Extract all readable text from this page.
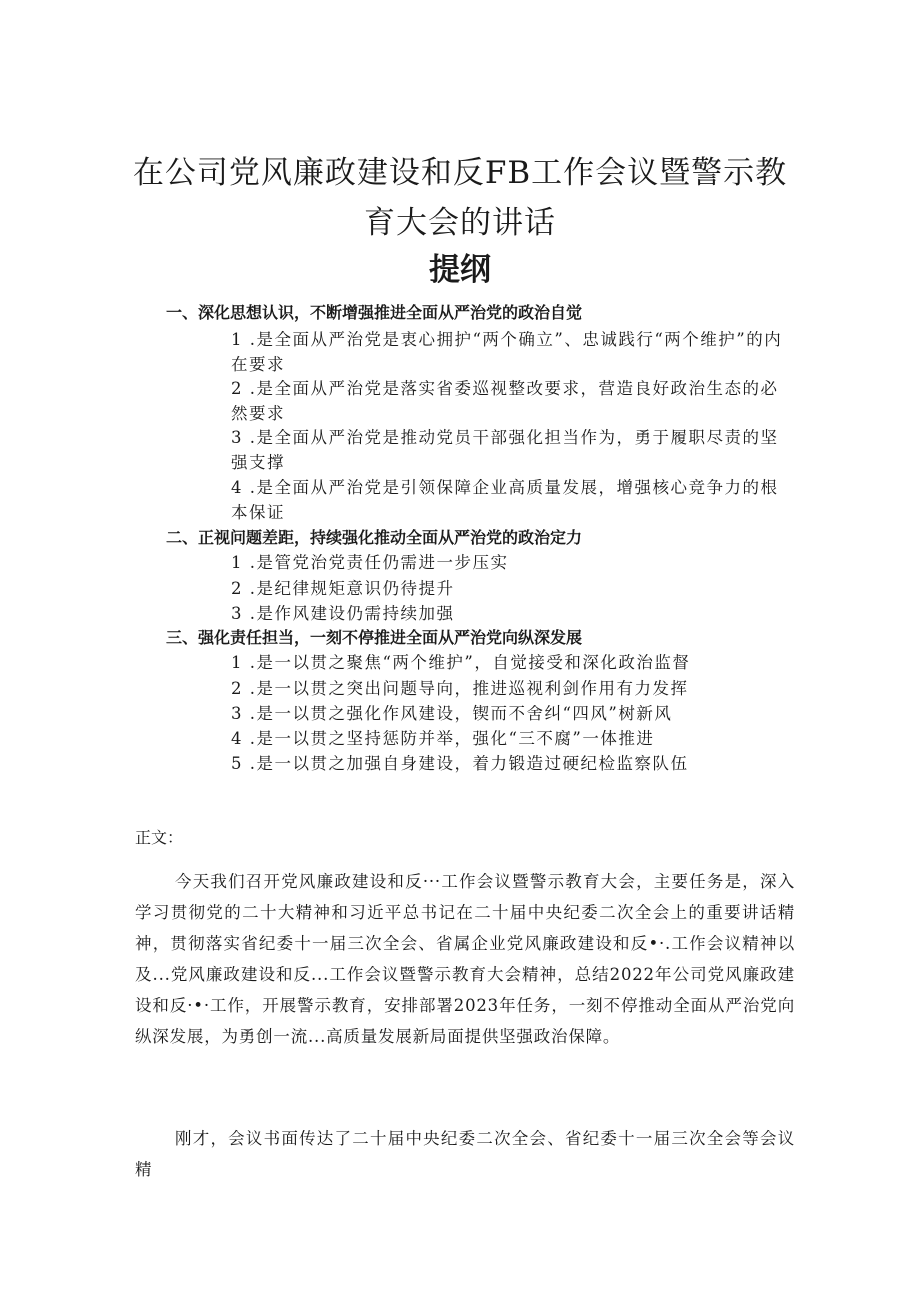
在公司党风廉政建设和反FB工作会议暨警示教
育大会的讲话
提纲
一、深化思想认识，不断增强推进全面从严治党的政治自觉
1 .是全面从严治党是衷心拥护“两个确立”、忠诚践行“两个维护”的内在要求
2 .是全面从严治党是落实省委巡视整改要求，营造良好政治生态的必然要求
3 .是全面从严治党是推动党员干部强化担当作为，勇于履职尽责的坚强支撑
4 .是全面从严治党是引领保障企业高质量发展，增强核心竞争力的根本保证
二、正视问题差距，持续强化推动全面从严治党的政治定力
1 .是管党治党责任仍需进一步压实
2 .是纪律规矩意识仍待提升
3 .是作风建设仍需持续加强
三、强化责任担当，一刻不停推进全面从严治党向纵深发展
1 .是一以贯之聚焦“两个维护”，自觉接受和深化政治监督
2 .是一以贯之突出问题导向，推进巡视利剑作用有力发挥
3 .是一以贯之强化作风建设，锲而不舍纠“四风”树新风
4 .是一以贯之坚持惩防并举，强化“三不腐”一体推进
5 .是一以贯之加强自身建设，着力锻造过硬纪检监察队伍
正文：

今天我们召开党风廉政建设和反···工作会议暨警示教育大会，主要任务是，深入学习贯彻党的二十大精神和习近平总书记在二十届中央纪委二次全会上的重要讲话精神，贯彻落实省纪委十一届三次全会、省属企业党风廉政建设和反•·.工作会议精神以及...党风廉政建设和反...工作会议暨警示教育大会精神，总结2022年公司党风廉政建设和反·•·工作，开展警示教育，安排部署2023年任务，一刻不停推动全面从严治党向纵深发展，为勇创一流...高质量发展新局面提供坚强政治保障。

刚才，会议书面传达了二十届中央纪委二次全会、省纪委十一届三次全会等会议精
